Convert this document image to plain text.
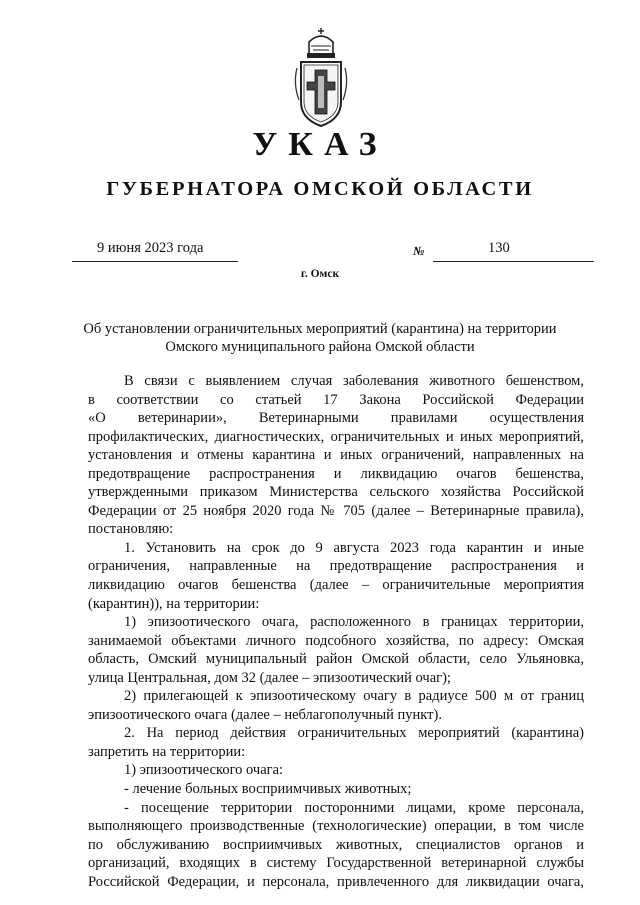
УКАЗ
ГУБЕРНАТОРА ОМСКОЙ ОБЛАСТИ
9 июня 2023 года	№	130
г. Омск
Об установлении ограничительных мероприятий (карантина) на территории
Омского муниципального района Омской области
В связи с выявлением случая заболевания животного бешенством,
в соответствии со статьей 17 Закона Российской Федерации
«О ветеринарии», Ветеринарными правилами осуществления
профилактических, диагностических, ограничительных и иных мероприятий,
установления и отмены карантина и иных ограничений, направленных на
предотвращение распространения и ликвидацию очагов бешенства,
утвержденными приказом Министерства сельского хозяйства Российской
Федерации от 25 ноября 2020 года № 705 (далее – Ветеринарные правила),
постановляю:
1. Установить на срок до 9 августа 2023 года карантин и иные
ограничения, направленные на предотвращение распространения и
ликвидацию очагов бешенства (далее – ограничительные мероприятия
(карантин)), на территории:
1) эпизоотического очага, расположенного в границах территории,
занимаемой объектами личного подсобного хозяйства, по адресу: Омская
область, Омский муниципальный район Омской области, село Ульяновка,
улица Центральная, дом 32 (далее – эпизоотический очаг);
2) прилегающей к эпизоотическому очагу в радиусе 500 м от границ
эпизоотического очага (далее – неблагополучный пункт).
2. На период действия ограничительных мероприятий (карантина)
запретить на территории:
1) эпизоотического очага:
- лечение больных восприимчивых животных;
- посещение территории посторонними лицами, кроме персонала,
выполняющего производственные (технологические) операции, в том числе
по обслуживанию восприимчивых животных, специалистов органов и
организаций, входящих в систему Государственной ветеринарной службы
Российской Федерации, и персонала, привлеченного для ликвидации очага,
